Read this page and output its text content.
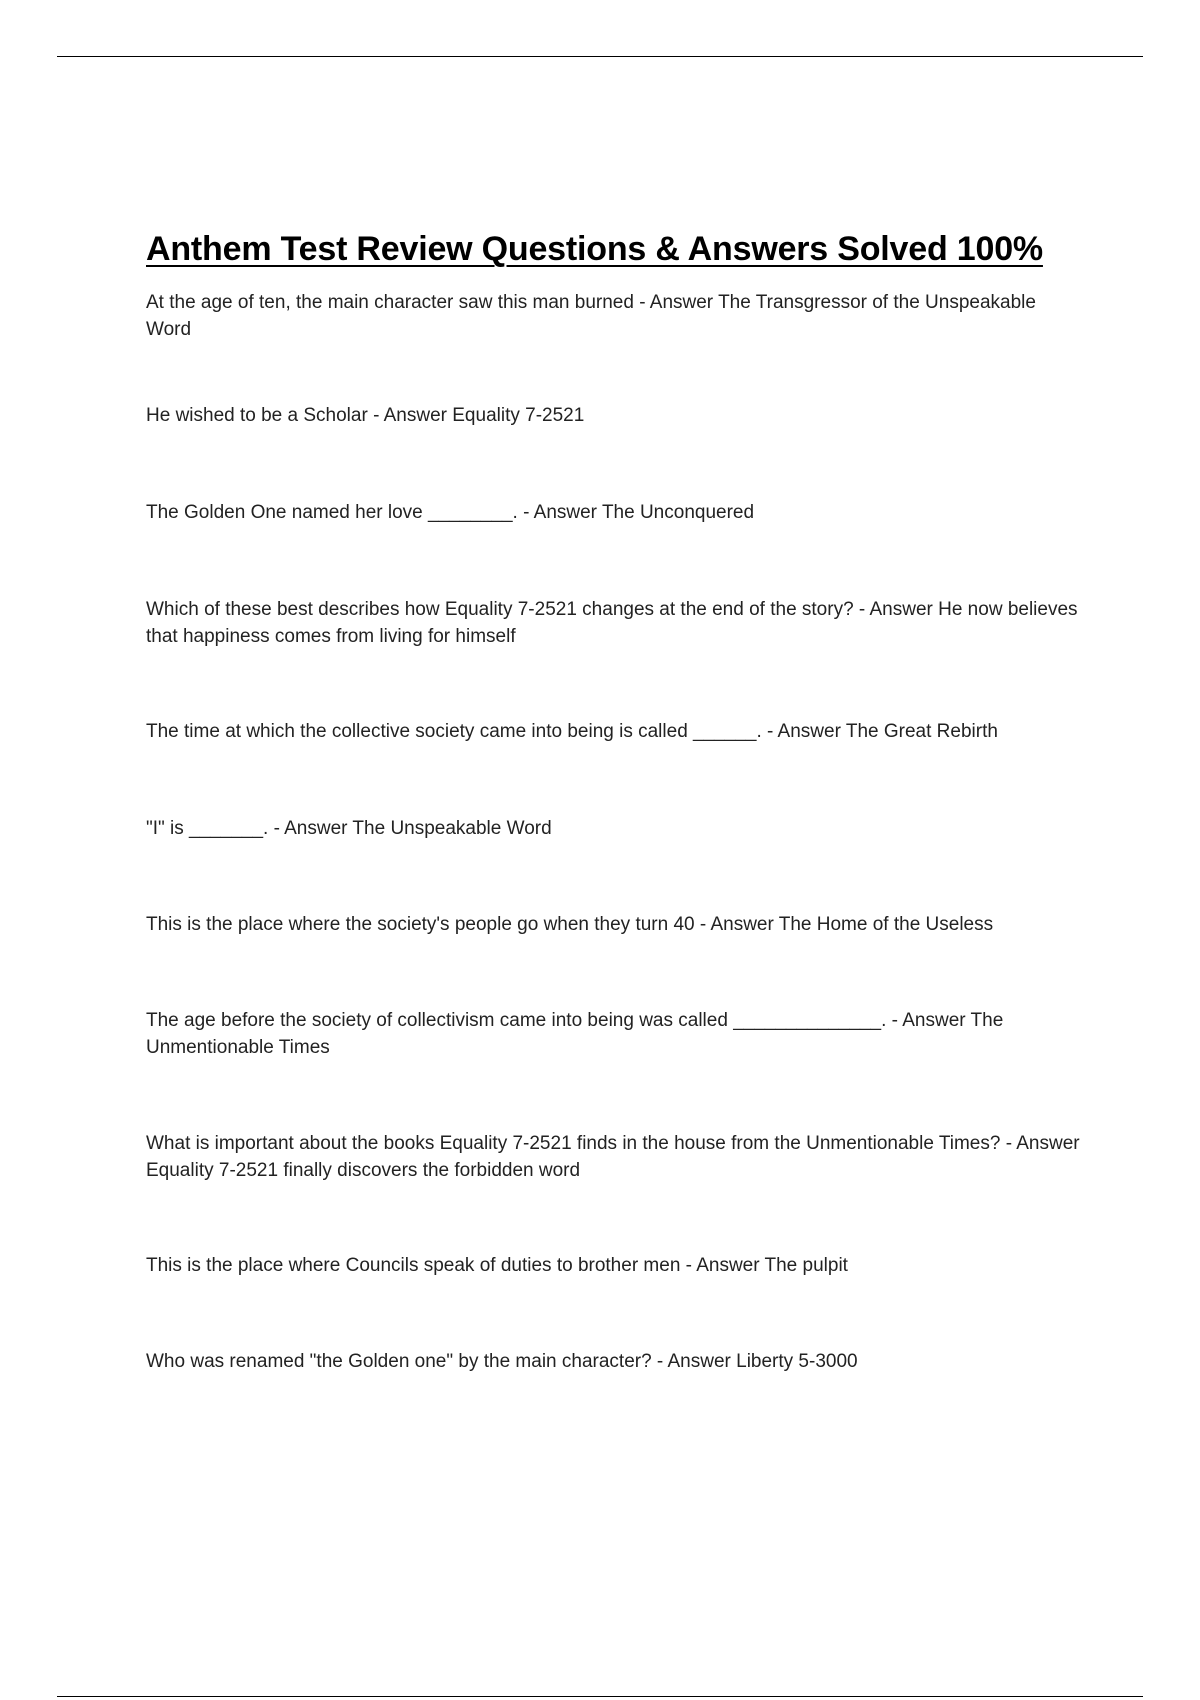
Anthem Test Review Questions & Answers Solved 100%

At the age of ten, the main character saw this man burned - Answer The Transgressor of the Unspeakable Word

He wished to be a Scholar - Answer Equality 7-2521

The Golden One named her love ________. - Answer The Unconquered

Which of these best describes how Equality 7-2521 changes at the end of the story? - Answer He now believes that happiness comes from living for himself

The time at which the collective society came into being is called ______. - Answer The Great Rebirth

"I" is _______. - Answer The Unspeakable Word

This is the place where the society's people go when they turn 40 - Answer The Home of the Useless

The age before the society of collectivism came into being was called ______________. - Answer The Unmentionable Times

What is important about the books Equality 7-2521 finds in the house from the Unmentionable Times? - Answer Equality 7-2521 finally discovers the forbidden word

This is the place where Councils speak of duties to brother men - Answer The pulpit

Who was renamed "the Golden one" by the main character? - Answer Liberty 5-3000
